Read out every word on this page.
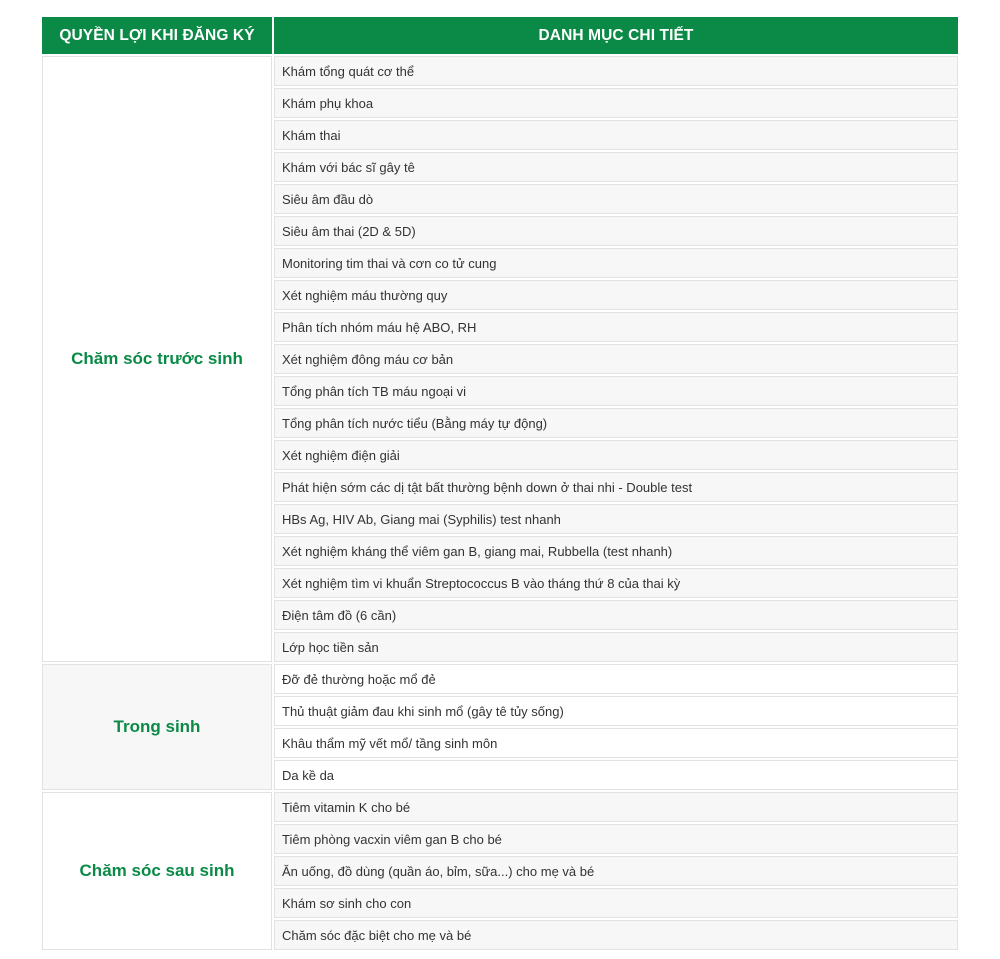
QUYỀN LỢI KHI ĐĂNG KÝ	DANH MỤC CHI TIẾT
Chăm sóc trước sinh
Khám tổng quát cơ thể
Khám phụ khoa
Khám thai
Khám với bác sĩ gây tê
Siêu âm đầu dò
Siêu âm thai (2D & 5D)
Monitoring tim thai và cơn co tử cung
Xét nghiệm máu thường quy
Phân tích nhóm máu hệ ABO, RH
Xét nghiệm đông máu cơ bản
Tổng phân tích TB máu ngoại vi
Tổng phân tích nước tiểu (Bằng máy tự động)
Xét nghiệm điện giải
Phát hiện sớm các dị tật bất thường bệnh down ở thai nhi - Double test
HBs Ag, HIV Ab, Giang mai (Syphilis) test nhanh
Xét nghiệm kháng thể viêm gan B, giang mai, Rubbella (test nhanh)
Xét nghiệm tìm vi khuẩn Streptococcus B vào tháng thứ 8 của thai kỳ
Điện tâm đồ (6 cần)
Lớp học tiền sản
Trong sinh
Đỡ đẻ thường hoặc mổ đẻ
Thủ thuật giảm đau khi sinh mổ (gây tê tủy sống)
Khâu thẩm mỹ vết mổ/ tầng sinh môn
Da kề da
Chăm sóc sau sinh
Tiêm vitamin K cho bé
Tiêm phòng vacxin viêm gan B cho bé
Ăn uống, đồ dùng (quần áo, bỉm, sữa...) cho mẹ và bé
Khám sơ sinh cho con
Chăm sóc đặc biệt cho mẹ và bé
